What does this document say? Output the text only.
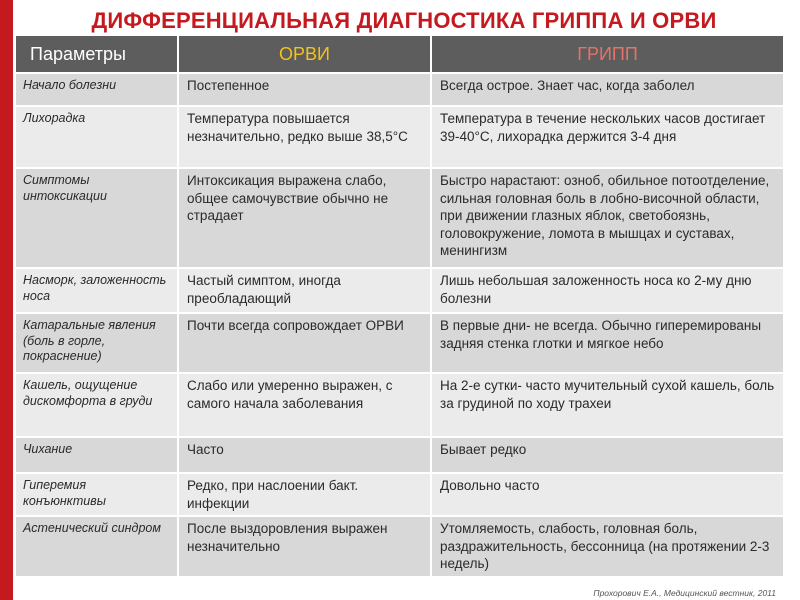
ДИФФЕРЕНЦИАЛЬНАЯ ДИАГНОСТИКА ГРИППА И ОРВИ
Параметры	ОРВИ	ГРИПП
Начало болезни	Постепенное	Всегда острое. Знает час, когда заболел
Лихорадка	Температура повышается незначительно, редко выше 38,5°С	Температура в течение нескольких часов достигает 39-40°С, лихорадка держится 3-4 дня
Симптомы интоксикации	Интоксикация выражена слабо, общее самочувствие обычно не страдает	Быстро нарастают: озноб, обильное потоотделение, сильная головная боль в лобно-височной области, при движении глазных яблок, светобоязнь, головокружение, ломота в мышцах и суставах, менингизм
Насморк, заложенность носа	Частый симптом, иногда преобладающий	Лишь небольшая заложенность носа ко 2-му дню болезни
Катаральные явления (боль в горле, покраснение)	Почти всегда сопровождает ОРВИ	В первые дни- не всегда. Обычно гиперемированы задняя стенка глотки и мягкое небо
Кашель, ощущение дискомфорта в груди	Слабо или умеренно выражен, с самого начала заболевания	На 2-е сутки- часто мучительный сухой кашель, боль за грудиной по ходу трахеи
Чихание	Часто	Бывает редко
Гиперемия конъюнктивы	Редко, при наслоении бакт. инфекции	Довольно часто
Астенический синдром	После выздоровления выражен незначительно	Утомляемость, слабость, головная боль, раздражительность, бессонница (на протяжении 2-3 недель)
Прохорович Е.А., Медицинский вестник, 2011
